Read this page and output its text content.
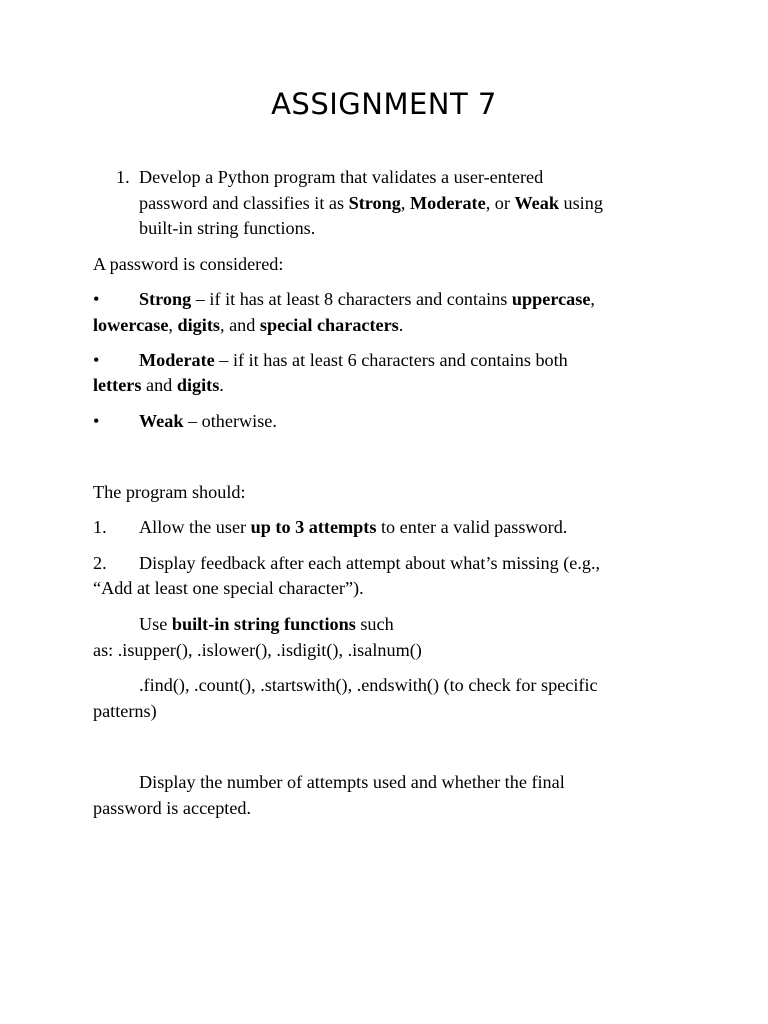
ASSIGNMENT 7

1. Develop a Python program that validates a user-entered

password and classifies it as Strong, Moderate, or Weak using

built-in string functions.

A password is considered:

• Strong – if it has at least 8 characters and contains uppercase,

lowercase, digits, and special characters.

• Moderate – if it has at least 6 characters and contains both

letters and digits.

• Weak – otherwise.

The program should:

1. Allow the user up to 3 attempts to enter a valid password.

2. Display feedback after each attempt about what’s missing (e.g.,

“Add at least one special character”).

Use built-in string functions such

as: .isupper(), .islower(), .isdigit(), .isalnum()

.find(), .count(), .startswith(), .endswith() (to check for specific

patterns)

Display the number of attempts used and whether the final

password is accepted.
